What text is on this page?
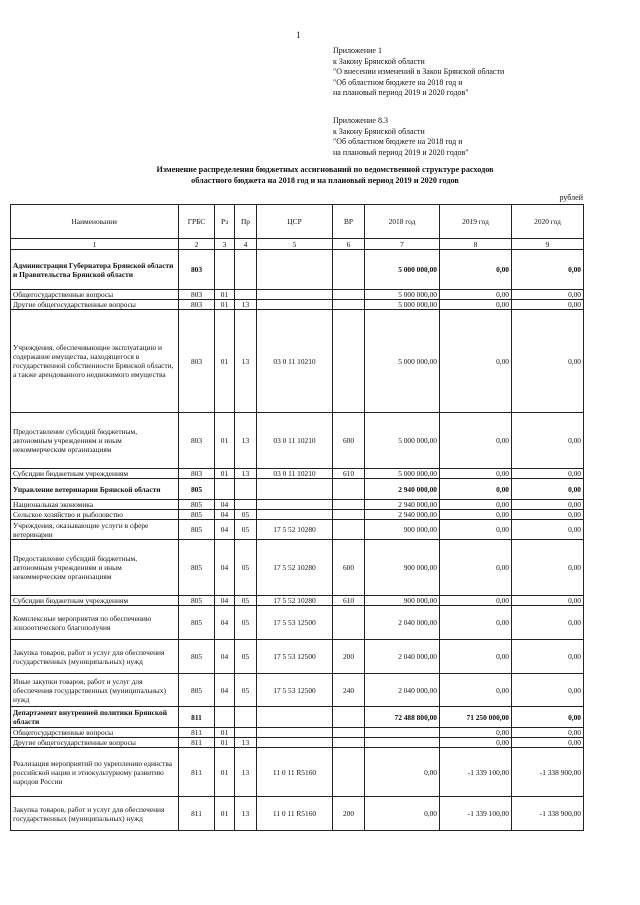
1
Приложение 1
к Закону Брянской области
"О внесении изменений в Закон Брянской области
"Об областном бюджете на 2018 год и
на плановый период 2019 и 2020 годов"
Приложение 8.3
к Закону Брянской области
"Об областном бюджете на 2018 год и
на плановый период 2019 и 2020 годов"
Изменение распределения бюджетных ассигнований по ведомственной структуре расходов
областного бюджета на 2018 год и на плановый период 2019 и 2020 годов
рублей
Наименование	ГРБС	Рз	Пр	ЦСР	ВР	2018 год	2019 год	2020 год
1	2	3	4	5	6	7	8	9
Администрация Губернатора Брянской области и Правительства Брянской области	803					5 000 000,00	0,00	0,00
Общегосударственные вопросы	803	01				5 000 000,00	0,00	0,00
Другие общегосударственные вопросы	803	01	13			5 000 000,00	0,00	0,00
Учреждения, обеспечивающие эксплуатацию и содержание имущества, находящегося в государственной собственности Брянской области, а также арендованного недвижимого имущества	803	01	13	03 0 11 10210		5 000 000,00	0,00	0,00
Предоставление субсидий бюджетным, автономным учреждениям и иным некоммерческим организациям	803	01	13	03 0 11 10210	600	5 000 000,00	0,00	0,00
Субсидии бюджетным учреждениям	803	01	13	03 0 11 10210	610	5 000 000,00	0,00	0,00
Управление ветеринарии Брянской области	805					2 940 000,00	0,00	0,00
Национальная экономика	805	04				2 940 000,00	0,00	0,00
Сельское хозяйство и рыболовство	805	04	05			2 940 000,00	0,00	0,00
Учреждения, оказывающие услуги в сфере ветеринарии	805	04	05	17 5 52 10280		900 000,00	0,00	0,00
Предоставление субсидий бюджетным, автономным учреждениям и иным некоммерческим организациям	805	04	05	17 5 52 10280	600	900 000,00	0,00	0,00
Субсидии бюджетным учреждениям	805	04	05	17 5 52 10280	610	900 000,00	0,00	0,00
Комплексные мероприятия по обеспечению эпизоотического благополучия	805	04	05	17 5 53 12500		2 040 000,00	0,00	0,00
Закупка товаров, работ и услуг для обеспечения государственных (муниципальных) нужд	805	04	05	17 5 53 12500	200	2 040 000,00	0,00	0,00
Иные закупки товаров, работ и услуг для обеспечения государственных (муниципальных) нужд	805	04	05	17 5 53 12500	240	2 040 000,00	0,00	0,00
Департамент внутренней политики Брянской области	811					72 488 800,00	71 250 000,00	0,00
Общегосударственные вопросы	811	01					0,00	0,00
Другие общегосударственные вопросы	811	01	13				0,00	0,00
Реализация мероприятий по укреплению единства российской нации и этнокультурному развитию народов России	811	01	13	11 0 11 R5160		0,00	-1 339 100,00	-1 338 900,00
Закупка товаров, работ и услуг для обеспечения государственных (муниципальных) нужд	811	01	13	11 0 11 R5160	200	0,00	-1 339 100,00	-1 338 900,00
